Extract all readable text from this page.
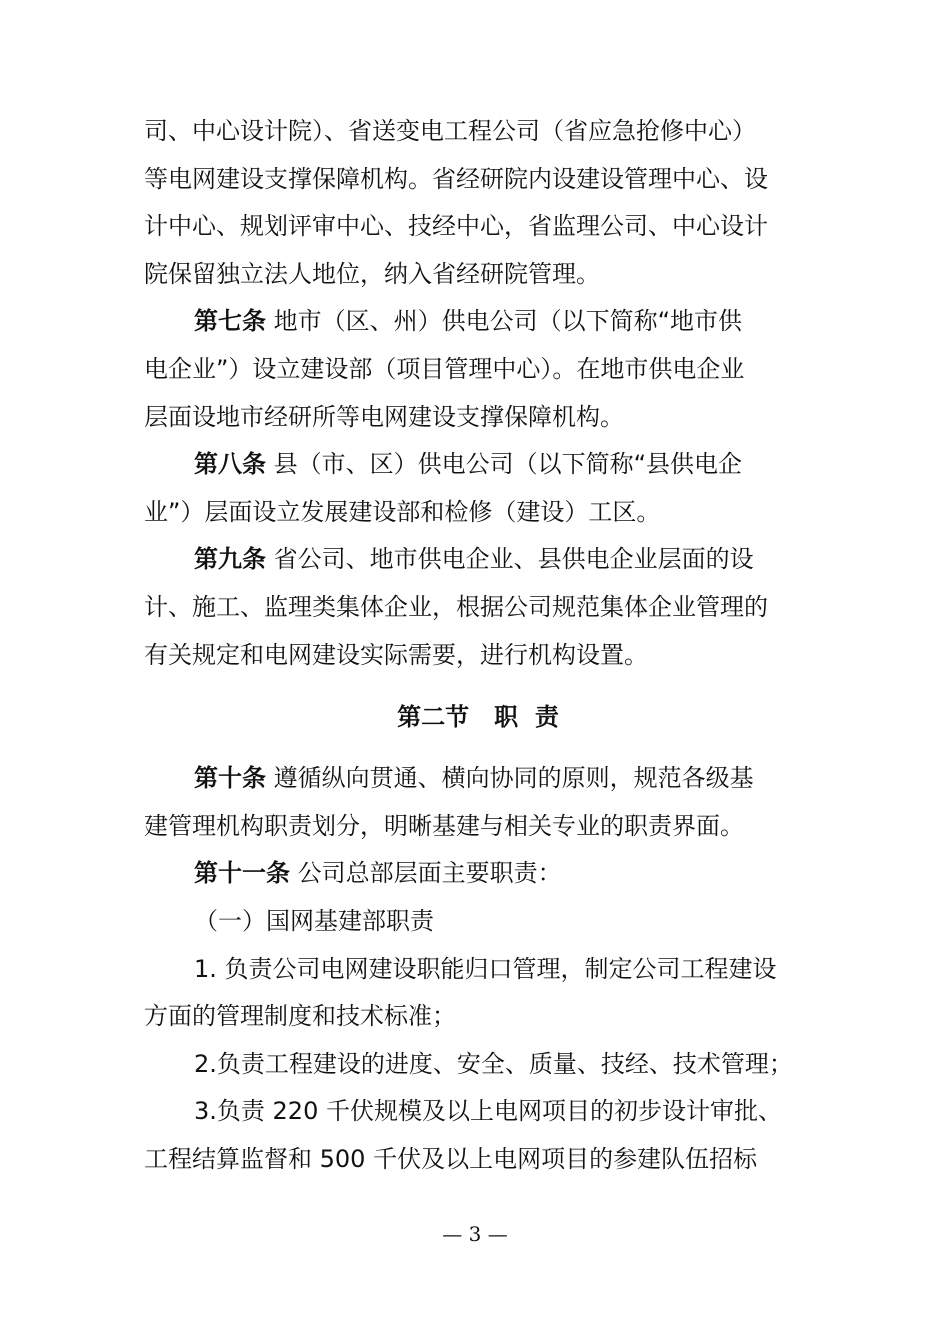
司、中心设计院）、省送变电工程公司（省应急抢修中心）
等电网建设支撑保障机构。省经研院内设建设管理中心、设
计中心、规划评审中心、技经中心，省监理公司、中心设计
院保留独立法人地位，纳入省经研院管理。
第七条 地市（区、州）供电公司（以下简称“地市供
电企业”）设立建设部（项目管理中心）。在地市供电企业
层面设地市经研所等电网建设支撑保障机构。
第八条 县（市、区）供电公司（以下简称“县供电企
业”）层面设立发展建设部和检修（建设）工区。
第九条 省公司、地市供电企业、县供电企业层面的设
计、施工、监理类集体企业，根据公司规范集体企业管理的
有关规定和电网建设实际需要，进行机构设置。
第二节   职  责
第十条 遵循纵向贯通、横向协同的原则，规范各级基
建管理机构职责划分，明晰基建与相关专业的职责界面。
第十一条 公司总部层面主要职责：
（一）国网基建部职责
1. 负责公司电网建设职能归口管理，制定公司工程建设
方面的管理制度和技术标准；
2.负责工程建设的进度、安全、质量、技经、技术管理；
3.负责 220 千伏规模及以上电网项目的初步设计审批、
工程结算监督和 500 千伏及以上电网项目的参建队伍招标
— 3 —
